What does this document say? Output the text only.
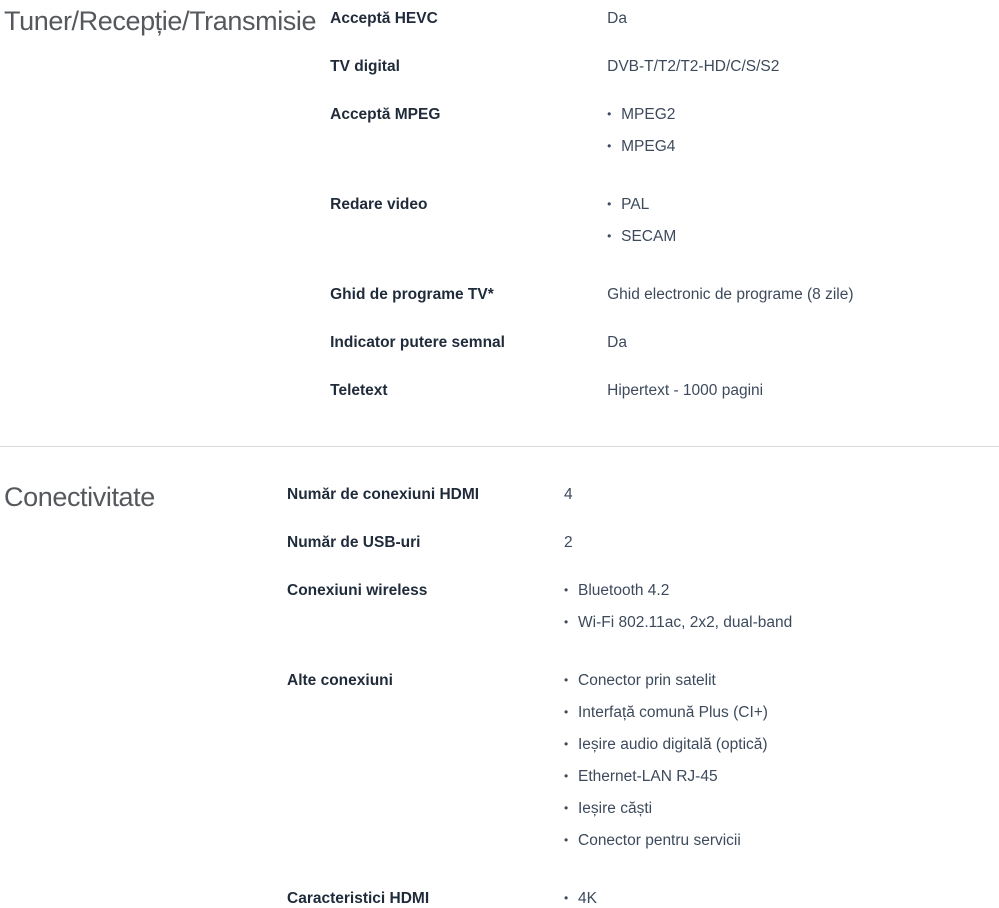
Tuner/Recepție/Transmisie Acceptă HEVC	Da
TV digital	DVB-T/T2/T2-HD/C/S/S2
Acceptă MPEG	• MPEG2
• MPEG4
Redare video	• PAL
• SECAM
Ghid de programe TV*	Ghid electronic de programe (8 zile)
Indicator putere semnal	Da
Teletext	Hipertext - 1000 pagini
Conectivitate	Număr de conexiuni HDMI	4
Număr de USB-uri	2
Conexiuni wireless	• Bluetooth 4.2
• Wi-Fi 802.11ac, 2x2, dual-band
Alte conexiuni	• Conector prin satelit
• Interfață comună Plus (CI+)
• Ieșire audio digitală (optică)
• Ethernet-LAN RJ-45
• Ieșire căști
• Conector pentru servicii
Caracteristici HDMI	• 4K
